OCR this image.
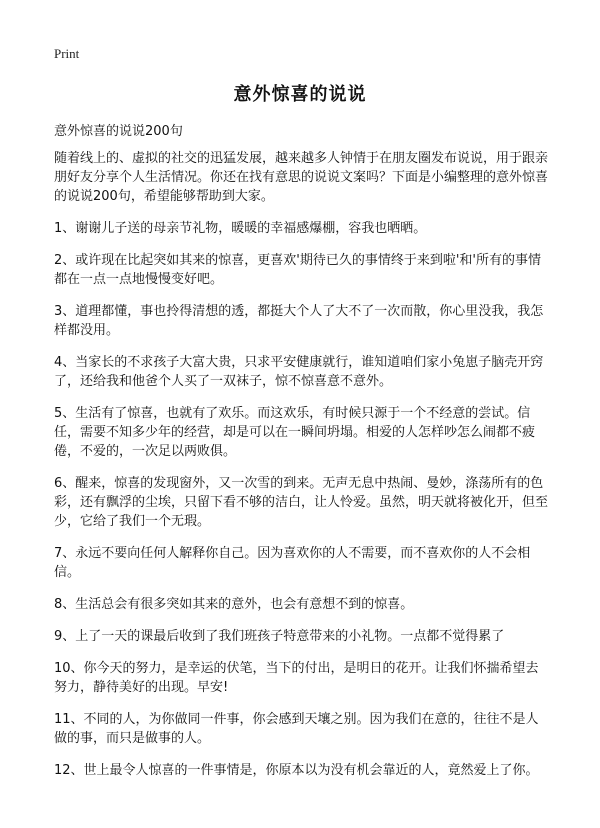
Print
意外惊喜的说说

意外惊喜的说说200句

随着线上的、虚拟的社交的迅猛发展，越来越多人钟情于在朋友圈发布说说，用于跟亲朋好友分享个人生活情况。你还在找有意思的说说文案吗？下面是小编整理的意外惊喜的说说200句，希望能够帮助到大家。

1、谢谢儿子送的母亲节礼物，暖暖的幸福感爆棚，容我也晒晒。

2、或许现在比起突如其来的惊喜，更喜欢'期待已久的事情终于来到啦'和'所有的事情都在一点一点地慢慢变好吧。

3、道理都懂，事也拎得清想的透，都挺大个人了大不了一次而散，你心里没我，我怎样都没用。

4、当家长的不求孩子大富大贵，只求平安健康就行，谁知道咱们家小兔崽子脑壳开窍了，还给我和他爸个人买了一双袜子，惊不惊喜意不意外。

5、生活有了惊喜，也就有了欢乐。而这欢乐，有时候只源于一个不经意的尝试。信任，需要不知多少年的经营，却是可以在一瞬间坍塌。相爱的人怎样吵怎么闹都不疲倦，不爱的，一次足以两败俱。

6、醒来，惊喜的发现窗外，又一次雪的到来。无声无息中热闹、曼妙，涤荡所有的色彩，还有飘浮的尘埃，只留下看不够的洁白，让人怜爱。虽然，明天就将被化开，但至少，它给了我们一个无瑕。

7、永远不要向任何人解释你自己。因为喜欢你的人不需要，而不喜欢你的人不会相信。

8、生活总会有很多突如其来的意外，也会有意想不到的惊喜。

9、上了一天的课最后收到了我们班孩子特意带来的小礼物。一点都不觉得累了

10、你今天的努力，是幸运的伏笔，当下的付出，是明日的花开。让我们怀揣希望去努力，静待美好的出现。早安!

11、不同的人，为你做同一件事，你会感到天壤之别。因为我们在意的，往往不是人做的事，而只是做事的人。

12、世上最令人惊喜的一件事情是，你原本以为没有机会靠近的人，竟然爱上了你。
